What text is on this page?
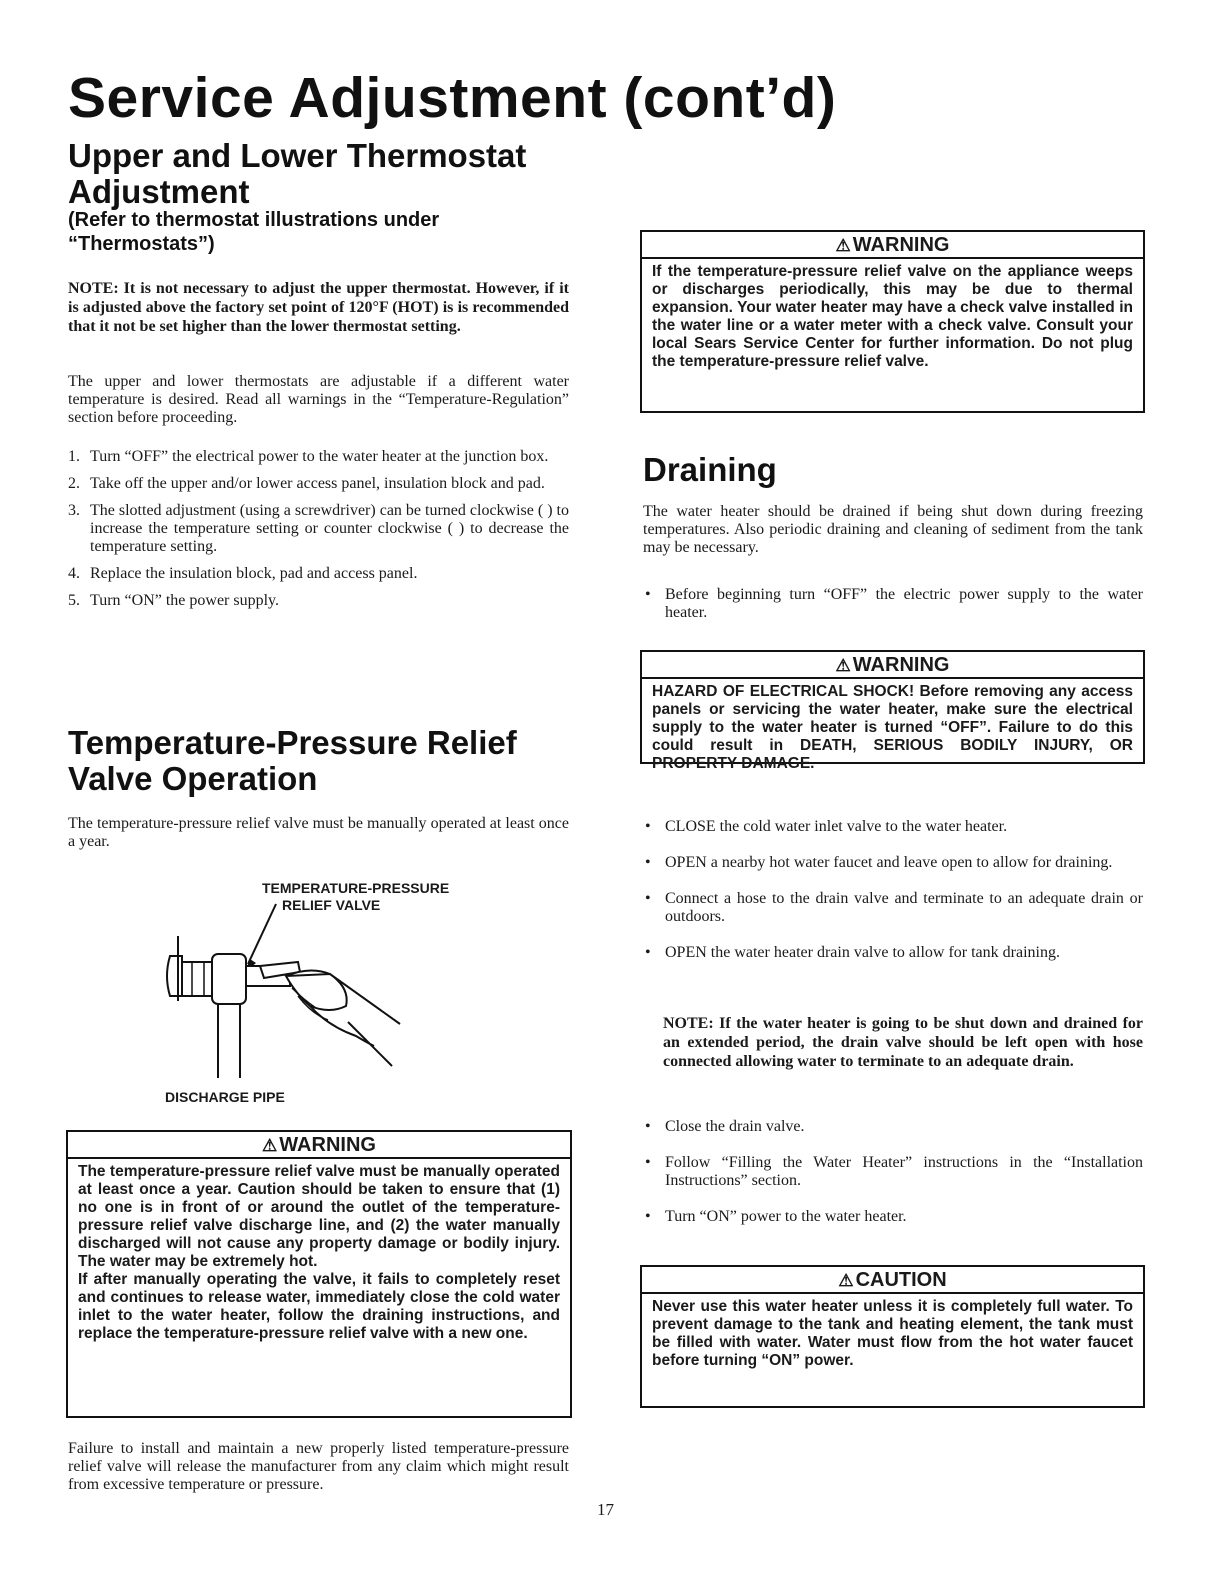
Service Adjustment (cont’d)
Upper and Lower Thermostat Adjustment
(Refer to thermostat illustrations under “Thermostats”)

NOTE: It is not necessary to adjust the upper thermostat. However, if it is adjusted above the factory set point of 120°F (HOT) is is recommended that it not be set higher than the lower thermostat setting.

The upper and lower thermostats are adjustable if a different water temperature is desired. Read all warnings in the “Temperature-Regulation” section before proceeding.

1. Turn “OFF” the electrical power to the water heater at the junction box.
2. Take off the upper and/or lower access panel, insulation block and pad.
3. The slotted adjustment (using a screwdriver) can be turned clockwise ( ) to increase the temperature setting or counter clockwise ( ) to decrease the temperature setting.
4. Replace the insulation block, pad and access panel.
5. Turn “ON” the power supply.
Temperature-Pressure Relief Valve Operation

The temperature-pressure relief valve must be manually operated at least once a year.

TEMPERATURE-PRESSURE
RELIEF VALVE
DISCHARGE PIPE
⚠ WARNING
The temperature-pressure relief valve must be manually operated at least once a year. Caution should be taken to ensure that (1) no one is in front of or around the outlet of the temperature-pressure relief valve discharge line, and (2) the water manually discharged will not cause any property damage or bodily injury. The water may be extremely hot.
If after manually operating the valve, it fails to completely reset and continues to release water, immediately close the cold water inlet to the water heater, follow the draining instructions, and replace the temperature-pressure relief valve with a new one.

Failure to install and maintain a new properly listed temperature-pressure relief valve will release the manufacturer from any claim which might result from excessive temperature or pressure.

⚠ WARNING
If the temperature-pressure relief valve on the appliance weeps or discharges periodically, this may be due to thermal expansion. Your water heater may have a check valve installed in the water line or a water meter with a check valve. Consult your local Sears Service Center for further information. Do not plug the temperature-pressure relief valve.
Draining

The water heater should be drained if being shut down during freezing temperatures. Also periodic draining and cleaning of sediment from the tank may be necessary.

• Before beginning turn “OFF” the electric power supply to the water heater.
⚠ WARNING
HAZARD OF ELECTRICAL SHOCK! Before removing any access panels or servicing the water heater, make sure the electrical supply to the water heater is turned “OFF”. Failure to do this could result in DEATH, SERIOUS BODILY INJURY, OR PROPERTY DAMAGE.
• CLOSE the cold water inlet valve to the water heater.
• OPEN a nearby hot water faucet and leave open to allow for draining.
• Connect a hose to the drain valve and terminate to an adequate drain or outdoors.
• OPEN the water heater drain valve to allow for tank draining.

NOTE: If the water heater is going to be shut down and drained for an extended period, the drain valve should be left open with hose connected allowing water to terminate to an adequate drain.

• Close the drain valve.
• Follow “Filling the Water Heater” instructions in the “Installation Instructions” section.
• Turn “ON” power to the water heater.
⚠ CAUTION
Never use this water heater unless it is completely full water. To prevent damage to the tank and heating element, the tank must be filled with water. Water must flow from the hot water faucet before turning “ON” power.
17
